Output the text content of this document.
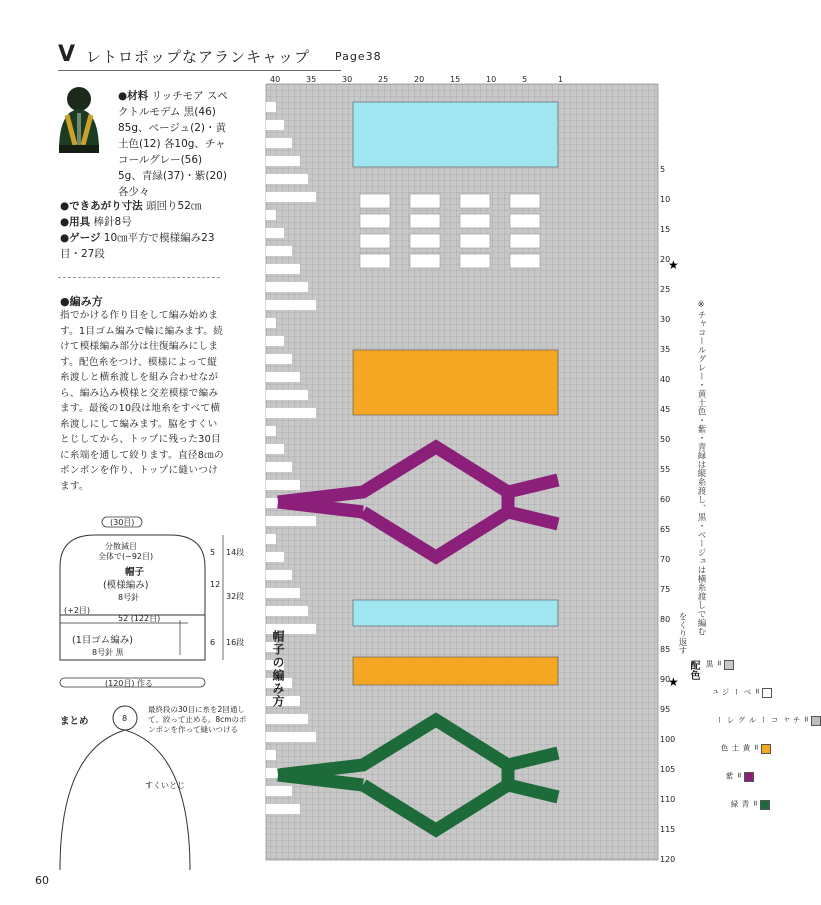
V レトロポップなアランキャップ Page38
●材料 リッチモア スペクトルモデム 黒(46) 85g、ベージュ(2)・黄土色(12) 各10g、チャコールグレー(56) 5g、青緑(37)・紫(20) 各少々
●できあがり寸法 頭回り52㎝
●用具 棒針8号
●ゲージ 10㎝平方で模様編み23目・27段
●編み方
指でかける作り目をして編み始めます。1目ゴム編みで輪に編みます。続けて模様編み部分は往復編みにします。配色糸をつけ、模様によって縦糸渡しと横糸渡しを組み合わせながら、編み込み模様と交差模様で編みます。最後の10段は地糸をすべて横糸渡しにして編みます。脇をすくいとじしてから、トップに残った30目に糸端を通して絞ります。直径8㎝のポンポンを作り、トップに縫いつけます。
(30目)
分散減目
全体で(−92目)
帽子
(模様編み)
8号針
(+2目)
52 (122目)
(1目ゴム編み)
8号針 黒
(120目) 作る
5 14段
12
32段
6 16段
まとめ	8
最終段の30目に糸を2回通して、絞って止める。8cmのポンポンを作って縫いつける
すくいとじ
40	35	30	25	20	15	10	5	1
5
10
15
20
25
30
35
40
45
50
55
60
65
70
75
80
85
90
95
100
105
110
115
120
★
★
帽子の編み方
※チャコールグレー・黄土色・紫・青緑は縦糸渡し、黒・ベージュは横糸渡しで編む
をくり返す
配色	=黒
=ベージュ
=チャコールグレー
=黄土色
=紫
=青緑
60
